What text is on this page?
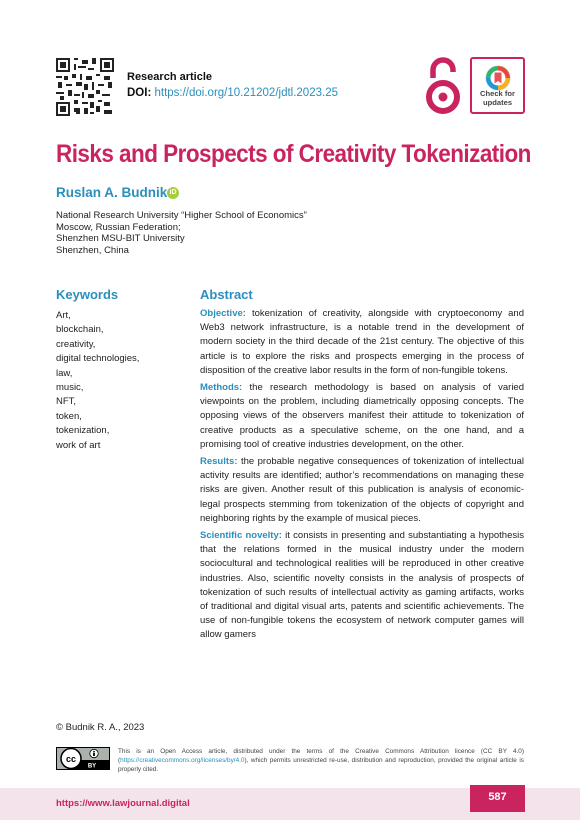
Research article
DOI: https://doi.org/10.21202/jdtl.2023.25	Check for
updates
Risks and Prospects of Creativity Tokenization
Ruslan A. Budnik iD
National Research University “Higher School of Economics”
Moscow, Russian Federation;
Shenzhen MSU-BIT University
Shenzhen, China
Keywords
Art,
blockchain,
creativity,
digital technologies,
law,
music,
NFT,
token,
tokenization,
work of art
Abstract

Objective: tokenization of creativity, alongside with cryptoeconomy and Web3 network infrastructure, is a notable trend in the development of modern society in the third decade of the 21st century. The objective of this article is to explore the risks and prospects emerging in the process of disposition of the creative labor results in the form of non-fungible tokens.

Methods: the research methodology is based on analysis of varied viewpoints on the problem, including diametrically opposing concepts. The opposing views of the observers manifest their attitude to tokenization of creative products as a speculative scheme, on the one hand, and a promising tool of creative industries development, on the other.

Results: the probable negative consequences of tokenization of intellectual activity results are identified; author’s recommendations on managing these risks are given. Another result of this publication is analysis of economic-legal prospects stemming from tokenization of the objects of copyright and neighboring rights by the example of musical pieces.

Scientific novelty: it consists in presenting and substantiating a hypothesis that the relations formed in the musical industry under the modern sociocultural and technological realities will be reproduced in other creative industries. Also, scientific novelty consists in the analysis of prospects of tokenization of such results of intellectual activity as gaming artifacts, works of traditional and digital visual arts, patents and scientific achievements. The use of non-fungible tokens the ecosystem of network computer games will allow gamers

© Budnik R. A., 2023
cc
BY
This is an Open Access article, distributed under the terms of the Creative Commons Attribution licence (CC BY 4.0) (https://creativecommons.org/licenses/by/4.0), which permits unrestricted re-use, distribution and reproduction, provided the original article is properly cited.
https://www.lawjournal.digital
587
